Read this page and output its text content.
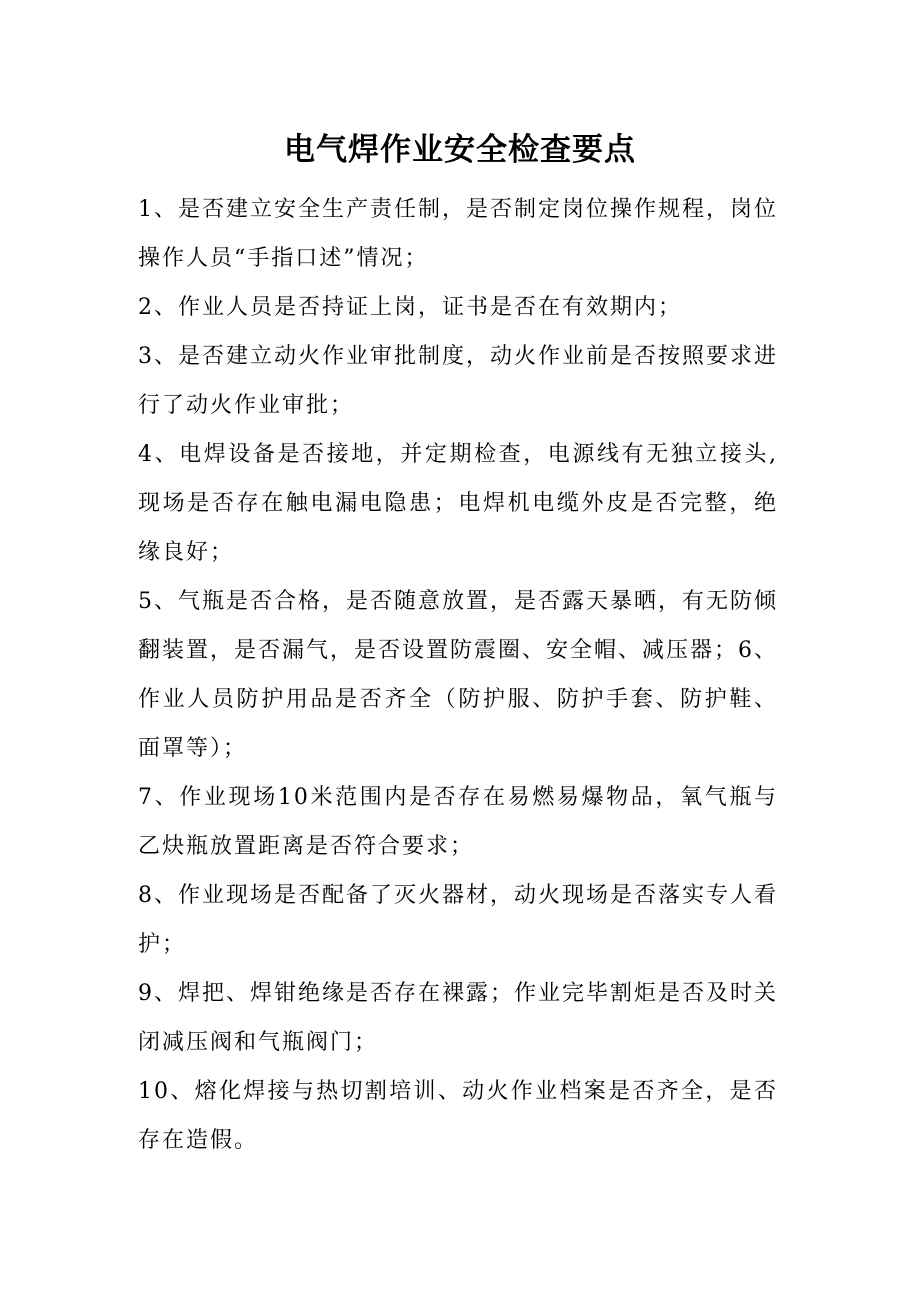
电气焊作业安全检查要点

1、是否建立安全生产责任制，是否制定岗位操作规程，岗位操作人员“手指口述”情况；

2、作业人员是否持证上岗，证书是否在有效期内；

3、是否建立动火作业审批制度，动火作业前是否按照要求进行了动火作业审批；

4、电焊设备是否接地，并定期检查，电源线有无独立接头,现场是否存在触电漏电隐患；电焊机电缆外皮是否完整，绝缘良好；

5、气瓶是否合格，是否随意放置，是否露天暴晒，有无防倾翻装置，是否漏气，是否设置防震圈、安全帽、减压器；6、作业人员防护用品是否齐全（防护服、防护手套、防护鞋、面罩等）；

7、作业现场10米范围内是否存在易燃易爆物品，氧气瓶与乙炔瓶放置距离是否符合要求；

8、作业现场是否配备了灭火器材，动火现场是否落实专人看护；

9、焊把、焊钳绝缘是否存在裸露；作业完毕割炬是否及时关闭减压阀和气瓶阀门；

10、熔化焊接与热切割培训、动火作业档案是否齐全，是否存在造假。
